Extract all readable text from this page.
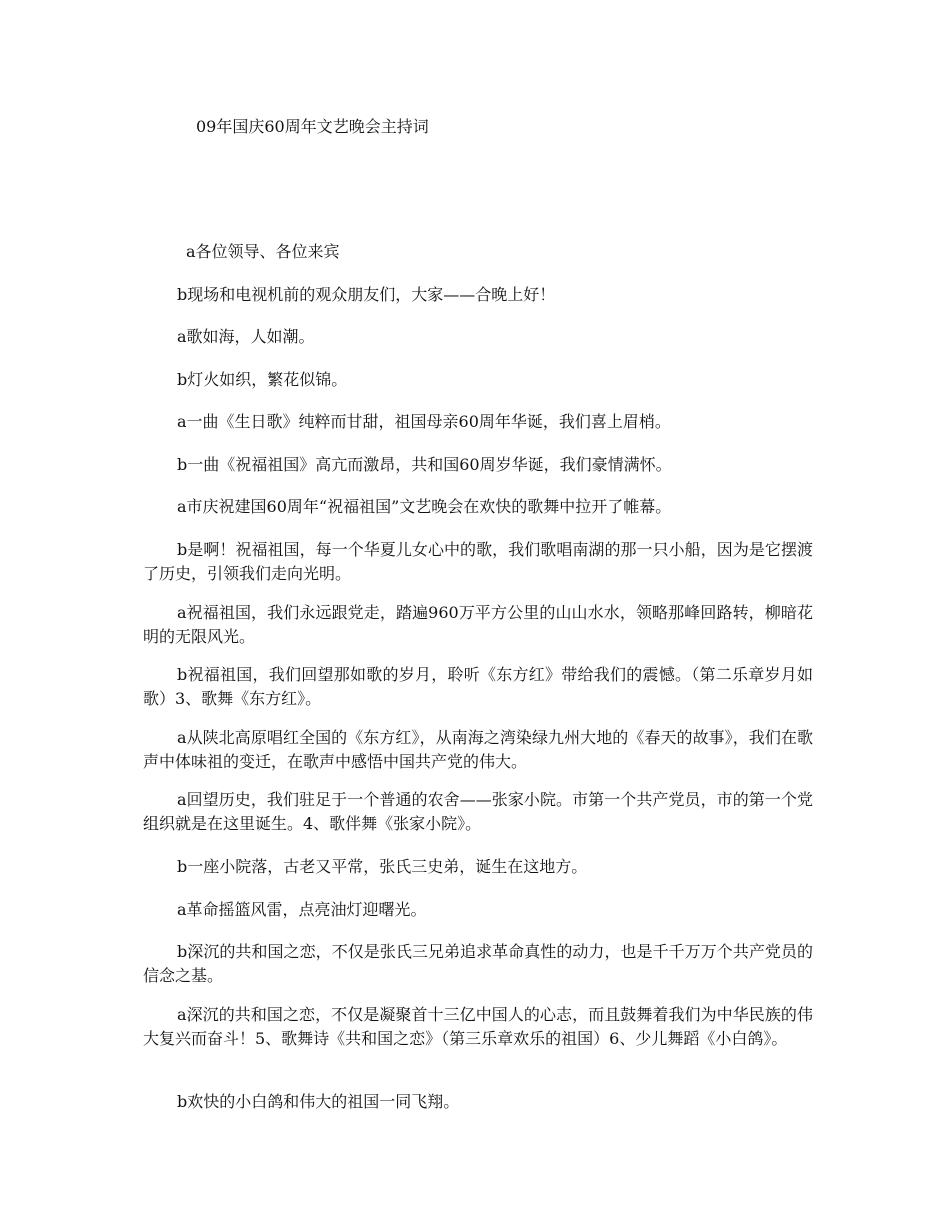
09年国庆60周年文艺晚会主持词

a各位领导、各位来宾

b现场和电视机前的观众朋友们，大家——合晚上好！

a歌如海，人如潮。

b灯火如织，繁花似锦。

a一曲《生日歌》纯粹而甘甜，祖国母亲60周年华诞，我们喜上眉梢。

b一曲《祝福祖国》高亢而激昂，共和国60周岁华诞，我们豪情满怀。

a市庆祝建国60周年“祝福祖国”文艺晚会在欢快的歌舞中拉开了帷幕。

b是啊！祝福祖国，每一个华夏儿女心中的歌，我们歌唱南湖的那一只小船，因为是它摆渡了历史，引领我们走向光明。

a祝福祖国，我们永远跟党走，踏遍960万平方公里的山山水水，领略那峰回路转，柳暗花明的无限风光。

b祝福祖国，我们回望那如歌的岁月，聆听《东方红》带给我们的震憾。（第二乐章岁月如歌）3、歌舞《东方红》。

a从陕北高原唱红全国的《东方红》，从南海之湾染绿九州大地的《春天的故事》，我们在歌声中体味祖的变迁，在歌声中感悟中国共产党的伟大。

a回望历史，我们驻足于一个普通的农舍——张家小院。市第一个共产党员，市的第一个党组织就是在这里诞生。4、歌伴舞《张家小院》。

b一座小院落，古老又平常，张氏三史弟，诞生在这地方。

a革命摇篮风雷，点亮油灯迎曙光。

b深沉的共和国之恋，不仅是张氏三兄弟追求革命真性的动力，也是千千万万个共产党员的信念之基。

a深沉的共和国之恋，不仅是凝聚首十三亿中国人的心志，而且鼓舞着我们为中华民族的伟大复兴而奋斗！5、歌舞诗《共和国之恋》（第三乐章欢乐的祖国）6、少儿舞蹈《小白鸽》。

b欢快的小白鸽和伟大的祖国一同飞翔。
